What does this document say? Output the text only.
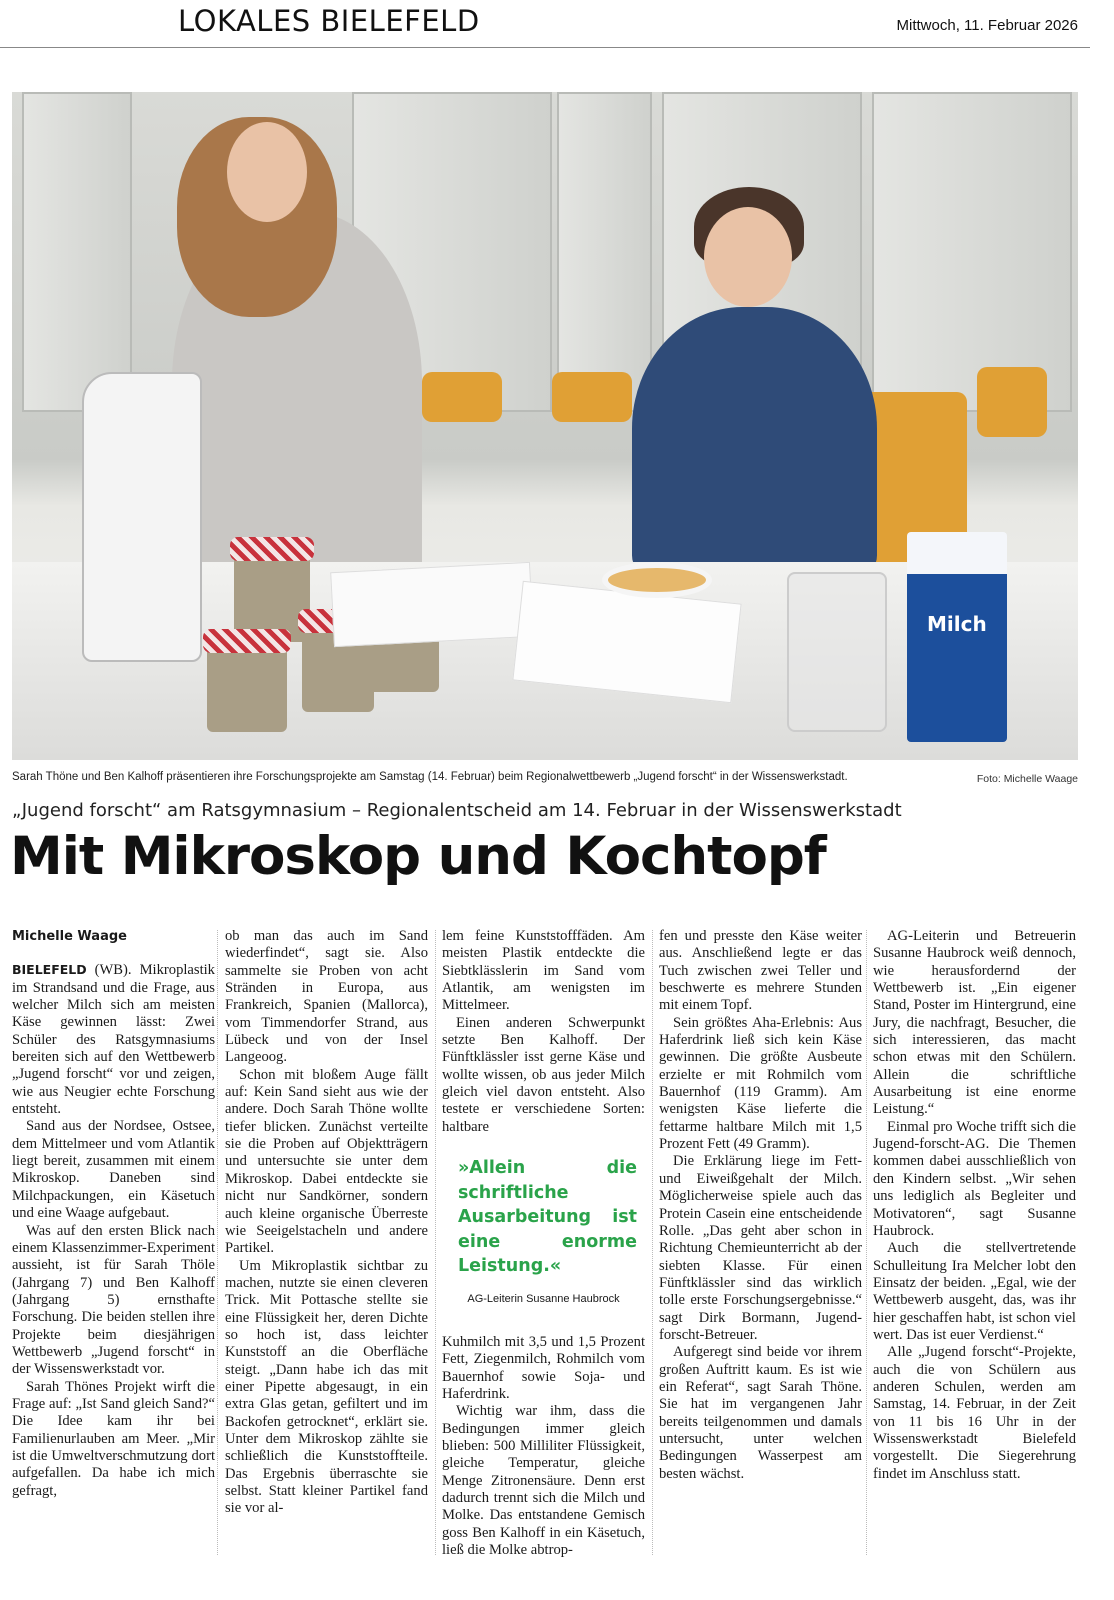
LOKALES BIELEFELD	Mittwoch, 11. Februar 2026
Milch
Sarah Thöne und Ben Kalhoff präsentieren ihre Forschungsprojekte am Samstag (14. Februar) beim Regionalwettbewerb „Jugend forscht“ in der Wissenswerkstadt.	Foto: Michelle Waage
„Jugend forscht“ am Ratsgymnasium – Regionalentscheid am 14. Februar in der Wissenswerkstadt
Mit Mikroskop und Kochtopf
Michelle Waage

BIELEFELD (WB). Mikroplastik im Strandsand und die Frage, aus welcher Milch sich am meisten Käse gewinnen lässt: Zwei Schüler des Ratsgymnasiums bereiten sich auf den Wettbewerb „Jugend forscht“ vor und zeigen, wie aus Neugier echte Forschung entsteht.

Sand aus der Nordsee, Ostsee, dem Mittelmeer und vom Atlantik liegt bereit, zusammen mit einem Mikroskop. Daneben sind Milchpackungen, ein Käsetuch und eine Waage aufgebaut.

Was auf den ersten Blick nach einem Klassenzimmer-Experiment aussieht, ist für Sarah Thöle (Jahrgang 7) und Ben Kalhoff (Jahrgang 5) ernsthafte Forschung. Die beiden stellen ihre Projekte beim diesjährigen Wettbewerb „Jugend forscht“ in der Wissenswerkstadt vor.

Sarah Thönes Projekt wirft die Frage auf: „Ist Sand gleich Sand?“ Die Idee kam ihr bei Familienurlauben am Meer. „Mir ist die Umweltverschmutzung dort aufgefallen. Da habe ich mich gefragt,

ob man das auch im Sand wiederfindet“, sagt sie. Also sammelte sie Proben von acht Stränden in Europa, aus Frankreich, Spanien (Mallorca), vom Timmendorfer Strand, aus Lübeck und von der Insel Langeoog.

Schon mit bloßem Auge fällt auf: Kein Sand sieht aus wie der andere. Doch Sarah Thöne wollte tiefer blicken. Zunächst verteilte sie die Proben auf Objektträgern und untersuchte sie unter dem Mikroskop. Dabei entdeckte sie nicht nur Sandkörner, sondern auch kleine organische Überreste wie Seeigelstacheln und andere Partikel.

Um Mikroplastik sichtbar zu machen, nutzte sie einen cleveren Trick. Mit Pottasche stellte sie eine Flüssigkeit her, deren Dichte so hoch ist, dass leichter Kunststoff an die Oberfläche steigt. „Dann habe ich das mit einer Pipette abgesaugt, in ein extra Glas getan, gefiltert und im Backofen getrocknet“, erklärt sie. Unter dem Mikroskop zählte sie schließlich die Kunststoffteile. Das Ergebnis überraschte sie selbst. Statt kleiner Partikel fand sie vor al-

lem feine Kunststofffäden. Am meisten Plastik entdeckte die Siebtklässlerin im Sand vom Atlantik, am wenigsten im Mittelmeer.

Einen anderen Schwerpunkt setzte Ben Kalhoff. Der Fünftklässler isst gerne Käse und wollte wissen, ob aus jeder Milch gleich viel davon entsteht. Also testete er verschiedene Sorten: haltbare

»Allein die schriftliche Ausarbeitung ist eine enorme Leistung.«
AG-Leiterin Susanne Haubrock

Kuhmilch mit 3,5 und 1,5 Prozent Fett, Ziegenmilch, Rohmilch vom Bauernhof sowie Soja- und Haferdrink.

Wichtig war ihm, dass die Bedingungen immer gleich blieben: 500 Milliliter Flüssigkeit, gleiche Temperatur, gleiche Menge Zitronensäure. Denn erst dadurch trennt sich die Milch und Molke. Das entstandene Gemisch goss Ben Kalhoff in ein Käsetuch, ließ die Molke abtrop-

fen und presste den Käse weiter aus. Anschließend legte er das Tuch zwischen zwei Teller und beschwerte es mehrere Stunden mit einem Topf.

Sein größtes Aha-Erlebnis: Aus Haferdrink ließ sich kein Käse gewinnen. Die größte Ausbeute erzielte er mit Rohmilch vom Bauernhof (119 Gramm). Am wenigsten Käse lieferte die fettarme haltbare Milch mit 1,5 Prozent Fett (49 Gramm).

Die Erklärung liege im Fett- und Eiweißgehalt der Milch. Möglicherweise spiele auch das Protein Casein eine entscheidende Rolle. „Das geht aber schon in Richtung Chemieunterricht ab der siebten Klasse. Für einen Fünftklässler sind das wirklich tolle erste Forschungsergebnisse.“ sagt Dirk Bormann, Jugend-forscht-Betreuer.

Aufgeregt sind beide vor ihrem großen Auftritt kaum. Es ist wie ein Referat“, sagt Sarah Thöne. Sie hat im vergangenen Jahr bereits teilgenommen und damals untersucht, unter welchen Bedingungen Wasserpest am besten wächst.

AG-Leiterin und Betreuerin Susanne Haubrock weiß dennoch, wie herausfordernd der Wettbewerb ist. „Ein eigener Stand, Poster im Hintergrund, eine Jury, die nachfragt, Besucher, die sich interessieren, das macht schon etwas mit den Schülern. Allein die schriftliche Ausarbeitung ist eine enorme Leistung.“

Einmal pro Woche trifft sich die Jugend-forscht-AG. Die Themen kommen dabei ausschließlich von den Kindern selbst. „Wir sehen uns lediglich als Begleiter und Motivatoren“, sagt Susanne Haubrock.

Auch die stellvertretende Schulleitung Ira Melcher lobt den Einsatz der beiden. „Egal, wie der Wettbewerb ausgeht, das, was ihr hier geschaffen habt, ist schon viel wert. Das ist euer Verdienst.“

Alle „Jugend forscht“-Projekte, auch die von Schülern aus anderen Schulen, werden am Samstag, 14. Februar, in der Zeit von 11 bis 16 Uhr in der Wissenswerkstadt Bielefeld vorgestellt. Die Siegerehrung findet im Anschluss statt.
